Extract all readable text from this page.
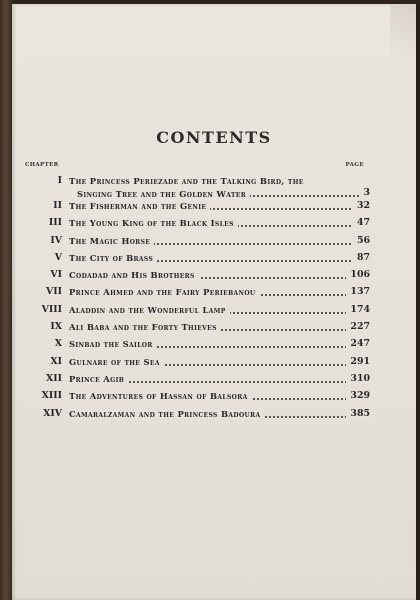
CONTENTS
CHAPTER	PAGE
I The Princess Periezade and the Talking Bird, the
Singing Tree and the Golden Water	3
II The Fisherman and the Genie	32
III The Young King of the Black Isles	47
IV The Magic Horse	56
V The City of Brass	87
VI Codadad and His Brothers	106
VII Prince Ahmed and the Fairy Periebanou	137
VIII Aladdin and the Wonderful Lamp	174
IX Ali Baba and the Forty Thieves	227
X Sinbad the Sailor	247
XI Gulnare of the Sea	291
XII Prince Agib	310
XIII The Adventures of Hassan of Balsora	329
XIV Camaralzaman and the Princess Badoura	385
